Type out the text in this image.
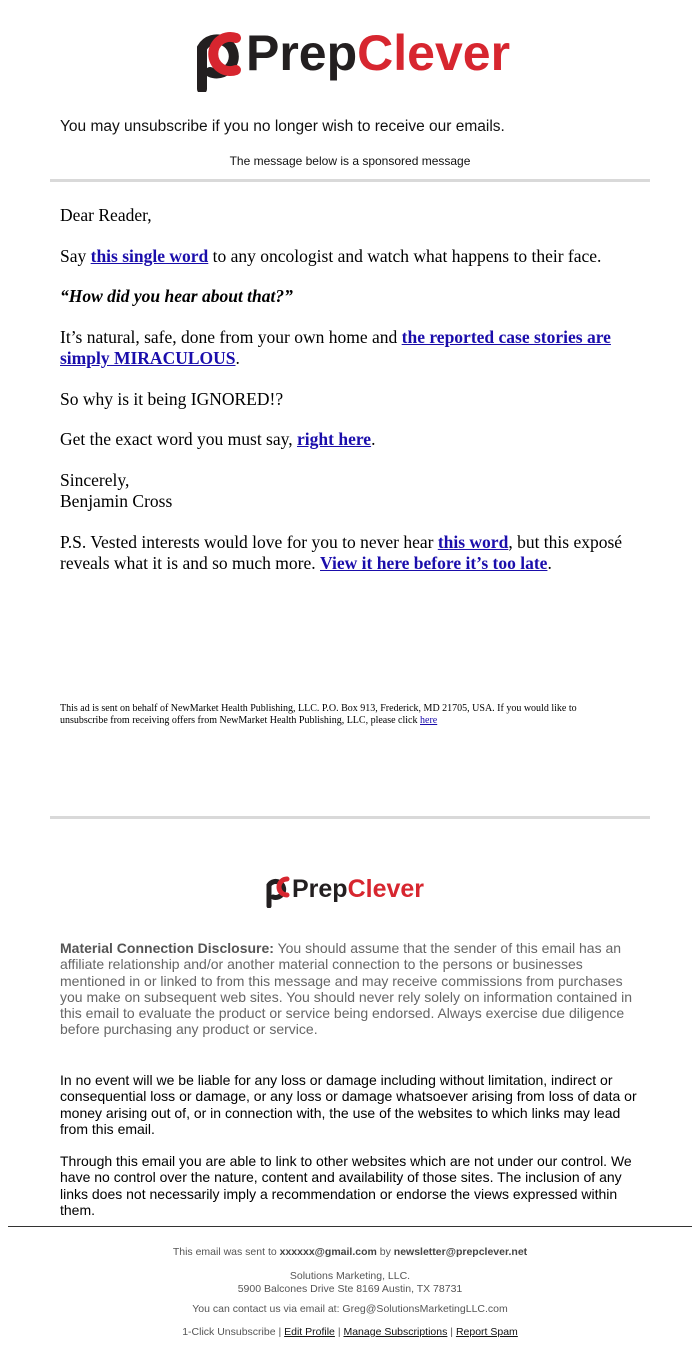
PrepClever

You may unsubscribe if you no longer wish to receive our emails.

The message below is a sponsored message

Dear Reader,

Say this single word to any oncologist and watch what happens to their face.

“How did you hear about that?”

It’s natural, safe, done from your own home and the reported case stories are simply MIRACULOUS.

So why is it being IGNORED!?

Get the exact word you must say, right here.

Sincerely,
Benjamin Cross

P.S. Vested interests would love for you to never hear this word, but this exposé reveals what it is and so much more. View it here before it’s too late.

This ad is sent on behalf of NewMarket Health Publishing, LLC. P.O. Box 913, Frederick, MD 21705, USA. If you would like to unsubscribe from receiving offers from NewMarket Health Publishing, LLC, please click here

PrepClever

Material Connection Disclosure: You should assume that the sender of this email has an affiliate relationship and/or another material connection to the persons or businesses mentioned in or linked to from this message and may receive commissions from purchases you make on subsequent web sites. You should never rely solely on information contained in this email to evaluate the product or service being endorsed. Always exercise due diligence before purchasing any product or service.

In no event will we be liable for any loss or damage including without limitation, indirect or consequential loss or damage, or any loss or damage whatsoever arising from loss of data or money arising out of, or in connection with, the use of the websites to which links may lead from this email.

Through this email you are able to link to other websites which are not under our control. We have no control over the nature, content and availability of those sites. The inclusion of any links does not necessarily imply a recommendation or endorse the views expressed within them.

This email was sent to xxxxxx@gmail.com by newsletter@prepclever.net

Solutions Marketing, LLC.
5900 Balcones Drive Ste 8169 Austin, TX 78731

You can contact us via email at: Greg@SolutionsMarketingLLC.com

1-Click Unsubscribe | Edit Profile | Manage Subscriptions | Report Spam
